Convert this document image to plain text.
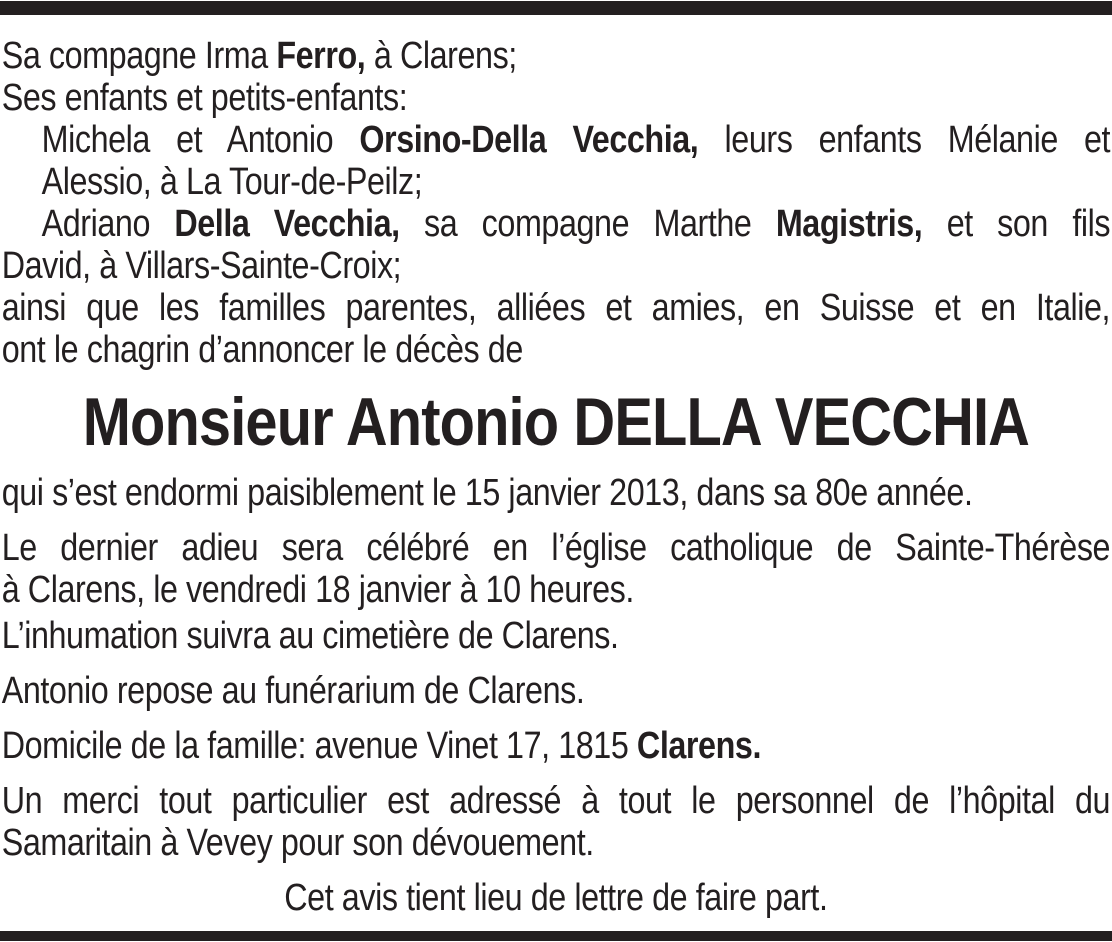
Sa compagne Irma Ferro, à Clarens;
Ses enfants et petits-enfants:
Michela et Antonio Orsino-Della Vecchia, leurs enfants Mélanie et
Alessio, à La Tour-de-Peilz;
Adriano Della Vecchia, sa compagne Marthe Magistris, et son fils
David, à Villars-Sainte-Croix;
ainsi que les familles parentes, alliées et amies, en Suisse et en Italie,
ont le chagrin d’annoncer le décès de
Monsieur Antonio DELLA VECCHIA
qui s’est endormi paisiblement le 15 janvier 2013, dans sa 80e année.
Le dernier adieu sera célébré en l’église catholique de Sainte-Thérèse
à Clarens, le vendredi 18 janvier à 10 heures.
L’inhumation suivra au cimetière de Clarens.
Antonio repose au funérarium de Clarens.
Domicile de la famille: avenue Vinet 17, 1815 Clarens.
Un merci tout particulier est adressé à tout le personnel de l’hôpital du
Samaritain à Vevey pour son dévouement.
Cet avis tient lieu de lettre de faire part.
